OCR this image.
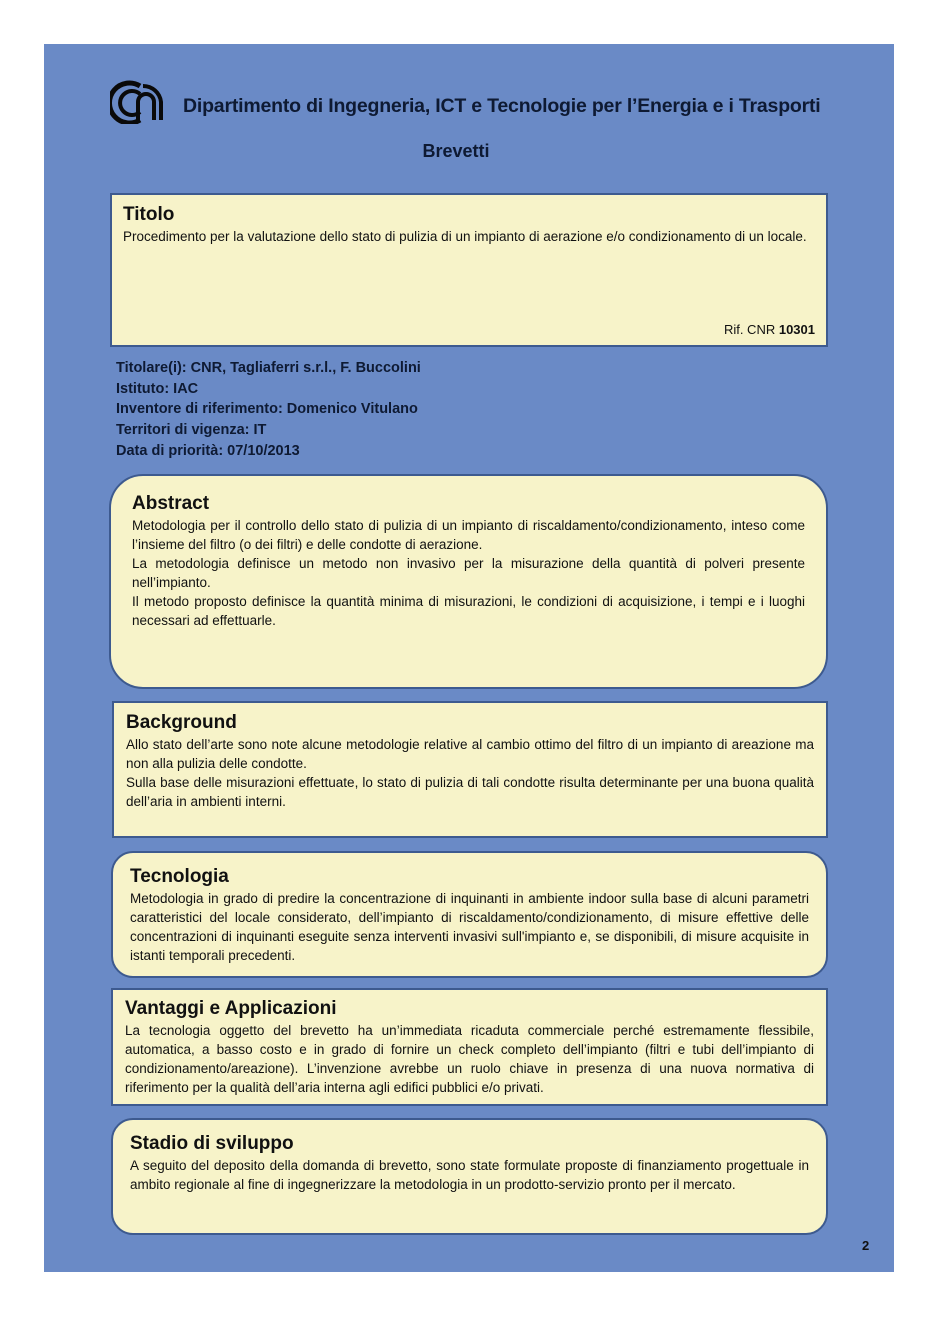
Dipartimento di Ingegneria, ICT e Tecnologie per l’Energia e i Trasporti
Brevetti
Titolo

Procedimento per la valutazione dello stato di pulizia di un impianto di aerazione e/o condizionamento di un locale.

Rif. CNR 10301
Titolare(i): CNR, Tagliaferri s.r.l., F. Buccolini
Istituto: IAC
Inventore di riferimento: Domenico Vitulano
Territori di vigenza: IT
Data di priorità: 07/10/2013
Abstract

Metodologia per il controllo dello stato di pulizia di un impianto di riscaldamento/condizionamento, inteso come l’insieme del filtro (o dei filtri) e delle condotte di aerazione.

La metodologia definisce un metodo non invasivo per la misurazione della quantità di polveri presente nell’impianto.

Il metodo proposto definisce la quantità minima di misurazioni, le condizioni di acquisizione, i tempi e i luoghi necessari ad effettuarle.

Background

Allo stato dell’arte sono note alcune metodologie relative al cambio ottimo del filtro di un impianto di areazione ma non alla pulizia delle condotte.

Sulla base delle misurazioni effettuate, lo stato di pulizia di tali condotte risulta determinante per una buona qualità dell’aria in ambienti interni.

Tecnologia

Metodologia in grado di predire la concentrazione di inquinanti in ambiente indoor sulla base di alcuni parametri caratteristici del locale considerato, dell’impianto di riscaldamento/condizionamento, di misure effettive delle concentrazioni di inquinanti eseguite senza interventi invasivi sull'impianto e, se disponibili, di misure acquisite in istanti temporali precedenti.

Vantaggi e Applicazioni

La tecnologia oggetto del brevetto ha un’immediata ricaduta commerciale perché estremamente flessibile, automatica, a basso costo e in grado di fornire un check completo dell’impianto (filtri e tubi dell’impianto di condizionamento/areazione). L’invenzione avrebbe un ruolo chiave in presenza di una nuova normativa di riferimento per la qualità dell’aria interna agli edifici pubblici e/o privati.

Stadio di sviluppo

A seguito del deposito della domanda di brevetto, sono state formulate proposte di finanziamento progettuale in ambito regionale al fine di ingegnerizzare la metodologia in un prodotto-servizio pronto per il mercato.

2
